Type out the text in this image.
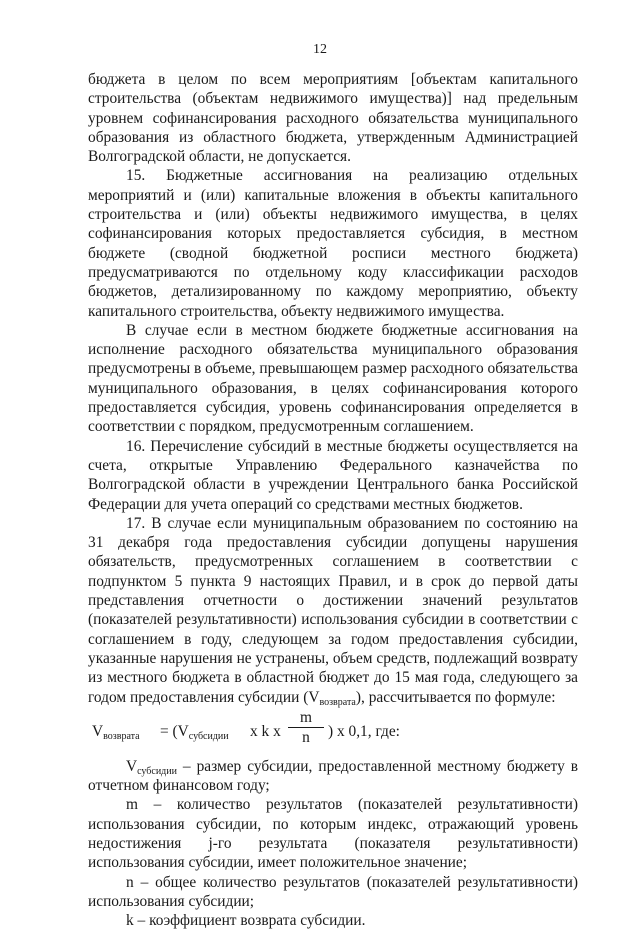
12

бюджета в целом по всем мероприятиям [объектам капитального строительства (объектам недвижимого имущества)] над предельным уровнем софинансирования расходного обязательства муниципального образования из областного бюджета, утвержденным Администрацией Волгоградской области, не допускается.

15. Бюджетные ассигнования на реализацию отдельных мероприятий и (или) капитальные вложения в объекты капитального строительства и (или) объекты недвижимого имущества, в целях софинансирования которых предоставляется субсидия, в местном бюджете (сводной бюджетной росписи местного бюджета) предусматриваются по отдельному коду классификации расходов бюджетов, детализированному по каждому мероприятию, объекту капитального строительства, объекту недвижимого имущества.

В случае если в местном бюджете бюджетные ассигнования на исполнение расходного обязательства муниципального образования предусмотрены в объеме, превышающем размер расходного обязательства муниципального образования, в целях софинансирования которого предоставляется субсидия, уровень софинансирования определяется в соответствии с порядком, предусмотренным соглашением.

16. Перечисление субсидий в местные бюджеты осуществляется на счета, открытые Управлению Федерального казначейства по Волгоградской области в учреждении Центрального банка Российской Федерации для учета операций со средствами местных бюджетов.

17. В случае если муниципальным образованием по состоянию на 31 декабря года предоставления субсидии допущены нарушения обязательств, предусмотренных соглашением в соответствии с подпунктом 5 пункта 9 настоящих Правил, и в срок до первой даты представления отчетности о достижении значений результатов (показателей результативности) использования субсидии в соответствии с соглашением в году, следующем за годом предоставления субсидии, указанные нарушения не устранены, объем средств, подлежащий возврату из местного бюджета в областной бюджет до 15 мая года, следующего за годом предоставления субсидии $(V_{возврата})$, рассчитывается по формуле:

$V_{возврата} = (V_{субсидии}$ х k х
m
n	) х 0,1, где:

$V_{субсидии}$ – размер субсидии, предоставленной местному бюджету в отчетном финансовом году;

m – количество результатов (показателей результативности) использования субсидии, по которым индекс, отражающий уровень недостижения j-го результата (показателя результативности) использования субсидии, имеет положительное значение;

n – общее количество результатов (показателей результативности) использования субсидии;

k – коэффициент возврата субсидии.
